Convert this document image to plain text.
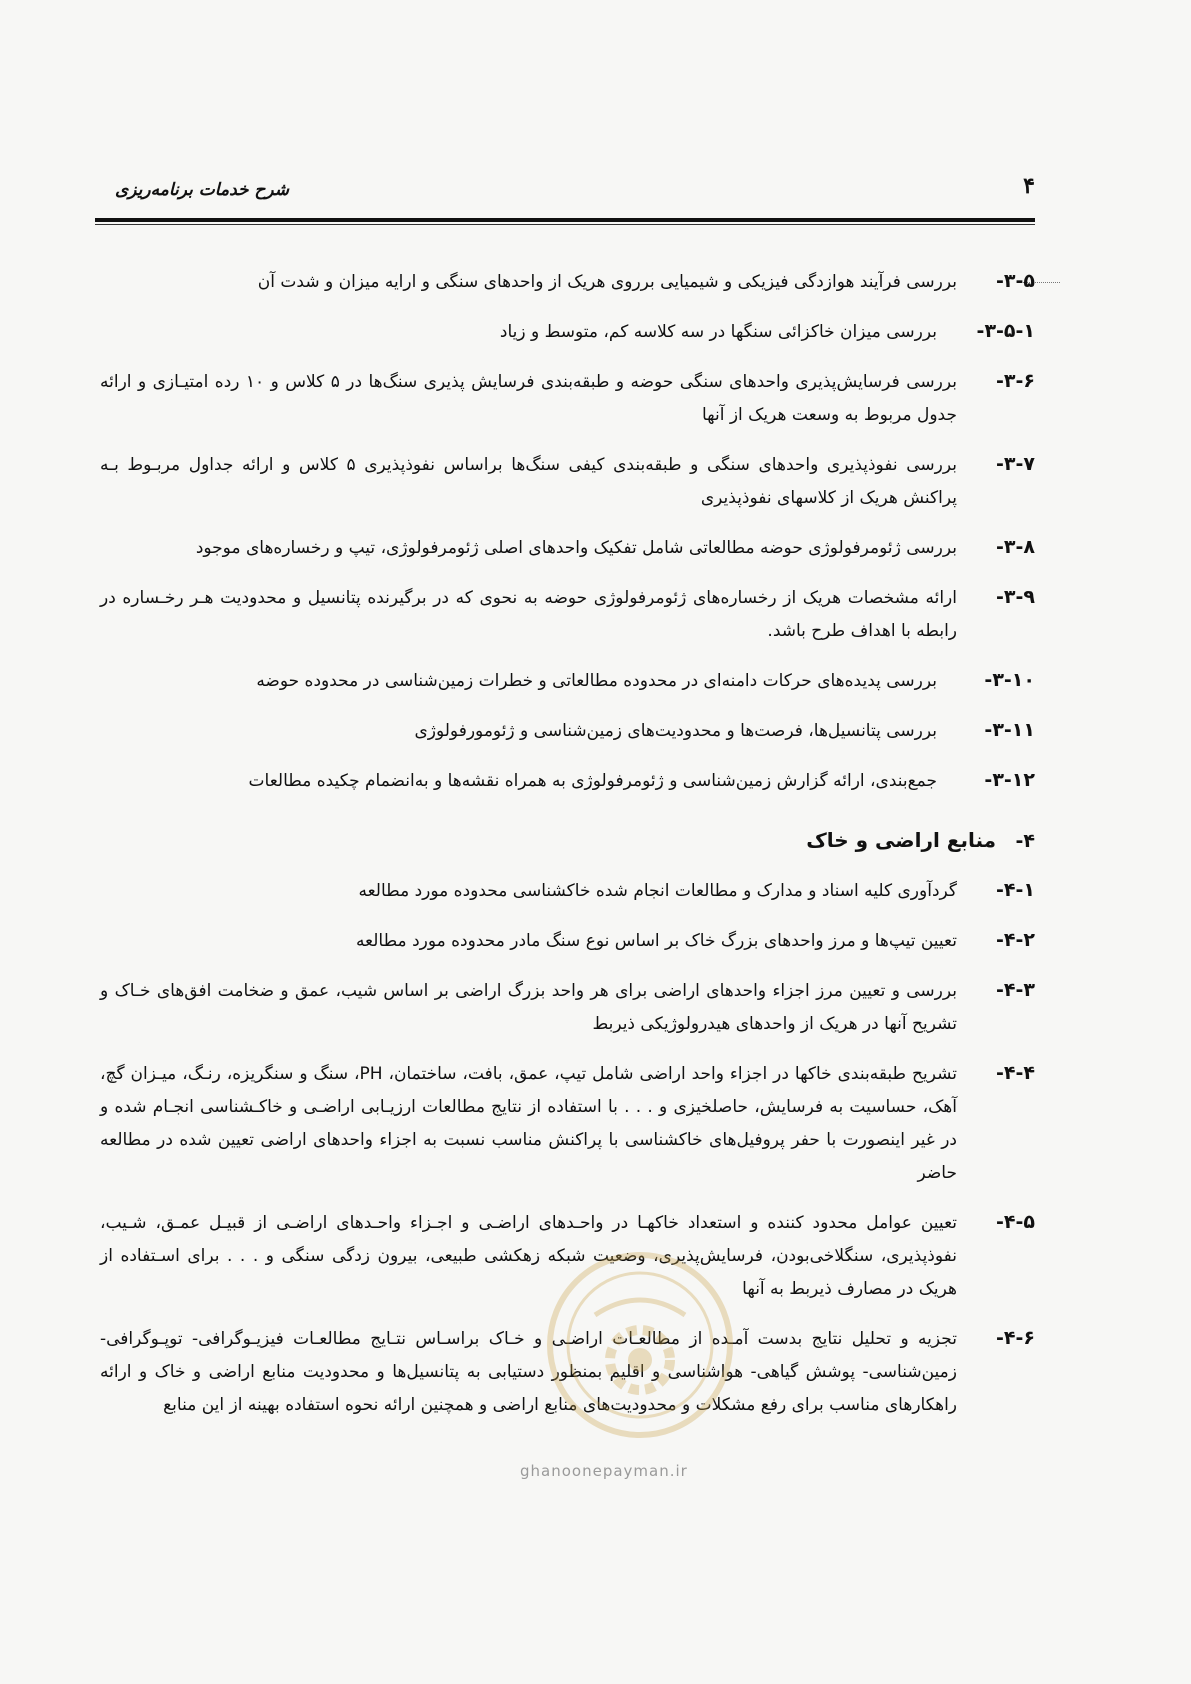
۴
شرح خدمات برنامه‌ریزی

۳-۵-بررسی فرآیند هوازدگی فیزیکی و شیمیایی برروی هریک از واحدهای سنگی و ارایه میزان و شدت آن

۳-۵-۱-بررسی میزان خاکزائی سنگها در سه کلاسه کم، متوسط و زیاد

۳-۶-بررسی فرسایش‌پذیری واحدهای سنگی حوضه و طبقه‌بندی فرسایش پذیری سنگ‌ها در ۵ کلاس و ۱۰ رده امتیـازی و ارائه جدول مربوط به وسعت هریک از آنها

۳-۷-بررسی نفوذپذیری واحدهای سنگی و طبقه‌بندی کیفی سنگ‌ها براساس نفوذپذیری ۵ کلاس و ارائه جداول مربـوط بـه پراکنش هریک از کلاسهای نفوذپذیری

۳-۸-بررسی ژئومرفولوژی حوضه مطالعاتی شامل تفکیک واحدهای اصلی ژئومرفولوژی، تیپ و رخساره‌های موجود

۳-۹-ارائه مشخصات هریک از رخساره‌های ژئومرفولوژی حوضه به نحوی که در برگیرنده پتانسیل و محدودیت هـر رخـساره در رابطه با اهداف طرح باشد.

۳-۱۰-بررسی پدیده‌های حرکات دامنه‌ای در محدوده مطالعاتی و خطرات زمین‌شناسی در محدوده حوضه

۳-۱۱-بررسی پتانسیل‌ها، فرصت‌ها و محدودیت‌های زمین‌شناسی و ژئومورفولوژی

۳-۱۲-جمع‌بندی، ارائه گزارش زمین‌شناسی و ژئومرفولوژی به همراه نقشه‌ها و به‌انضمام چکیده مطالعات

۴- منابع اراضی و خاک

۴-۱-گردآوری کلیه اسناد و مدارک و مطالعات انجام شده خاکشناسی محدوده مورد مطالعه

۴-۲-تعیین تیپ‌ها و مرز واحدهای بزرگ خاک بر اساس نوع سنگ مادر محدوده مورد مطالعه

۴-۳-بررسی و تعیین مرز اجزاء واحدهای اراضی برای هر واحد بزرگ اراضی بر اساس شیب، عمق و ضخامت افق‌های خـاک و تشریح آنها در هریک از واحدهای هیدرولوژیکی ذیربط

۴-۴-تشریح طبقه‌بندی خاکها در اجزاء واحد اراضی شامل تیپ، عمق، بافت، ساختمان، PH، سنگ و سنگریزه، رنـگ، میـزان گچ، آهک، حساسیت به فرسایش، حاصلخیزی و . . . با استفاده از نتایج مطالعات ارزیـابی اراضـی و خاکـشناسی انجـام شده و در غیر اینصورت با حفر پروفیل‌های خاکشناسی با پراکنش مناسب نسبت به اجزاء واحدهای اراضی تعیین شده در مطالعه حاضر

۴-۵-تعیین عوامل محدود کننده و استعداد خاکهـا در واحـدهای اراضـی و اجـزاء واحـدهای اراضـی از قبیـل عمـق، شـیب، نفوذپذیری، سنگلاخی‌بودن، فرسایش‌پذیری، وضعیت شبکه زهکشی طبیعی، بیرون زدگی سنگی و . . . برای اسـتفاده از هریک در مصارف ذیربط به آنها

۴-۶-تجزیه و تحلیل نتایج بدست آمـده از مطالعـات اراضـی و خـاک براسـاس نتـایج مطالعـات فیزیـوگرافی- توپـوگرافی- زمین‌شناسی- پوشش گیاهی- هواشناسی و اقلیم بمنظور دستیابی به پتانسیل‌ها و محدودیت منابع اراضی و خاک و ارائه راهکارهای مناسب برای رفع مشکلات و محدودیت‌های منابع اراضی و همچنین ارائه نحوه استفاده بهینه از این منابع

ghanoonepayman.ir
